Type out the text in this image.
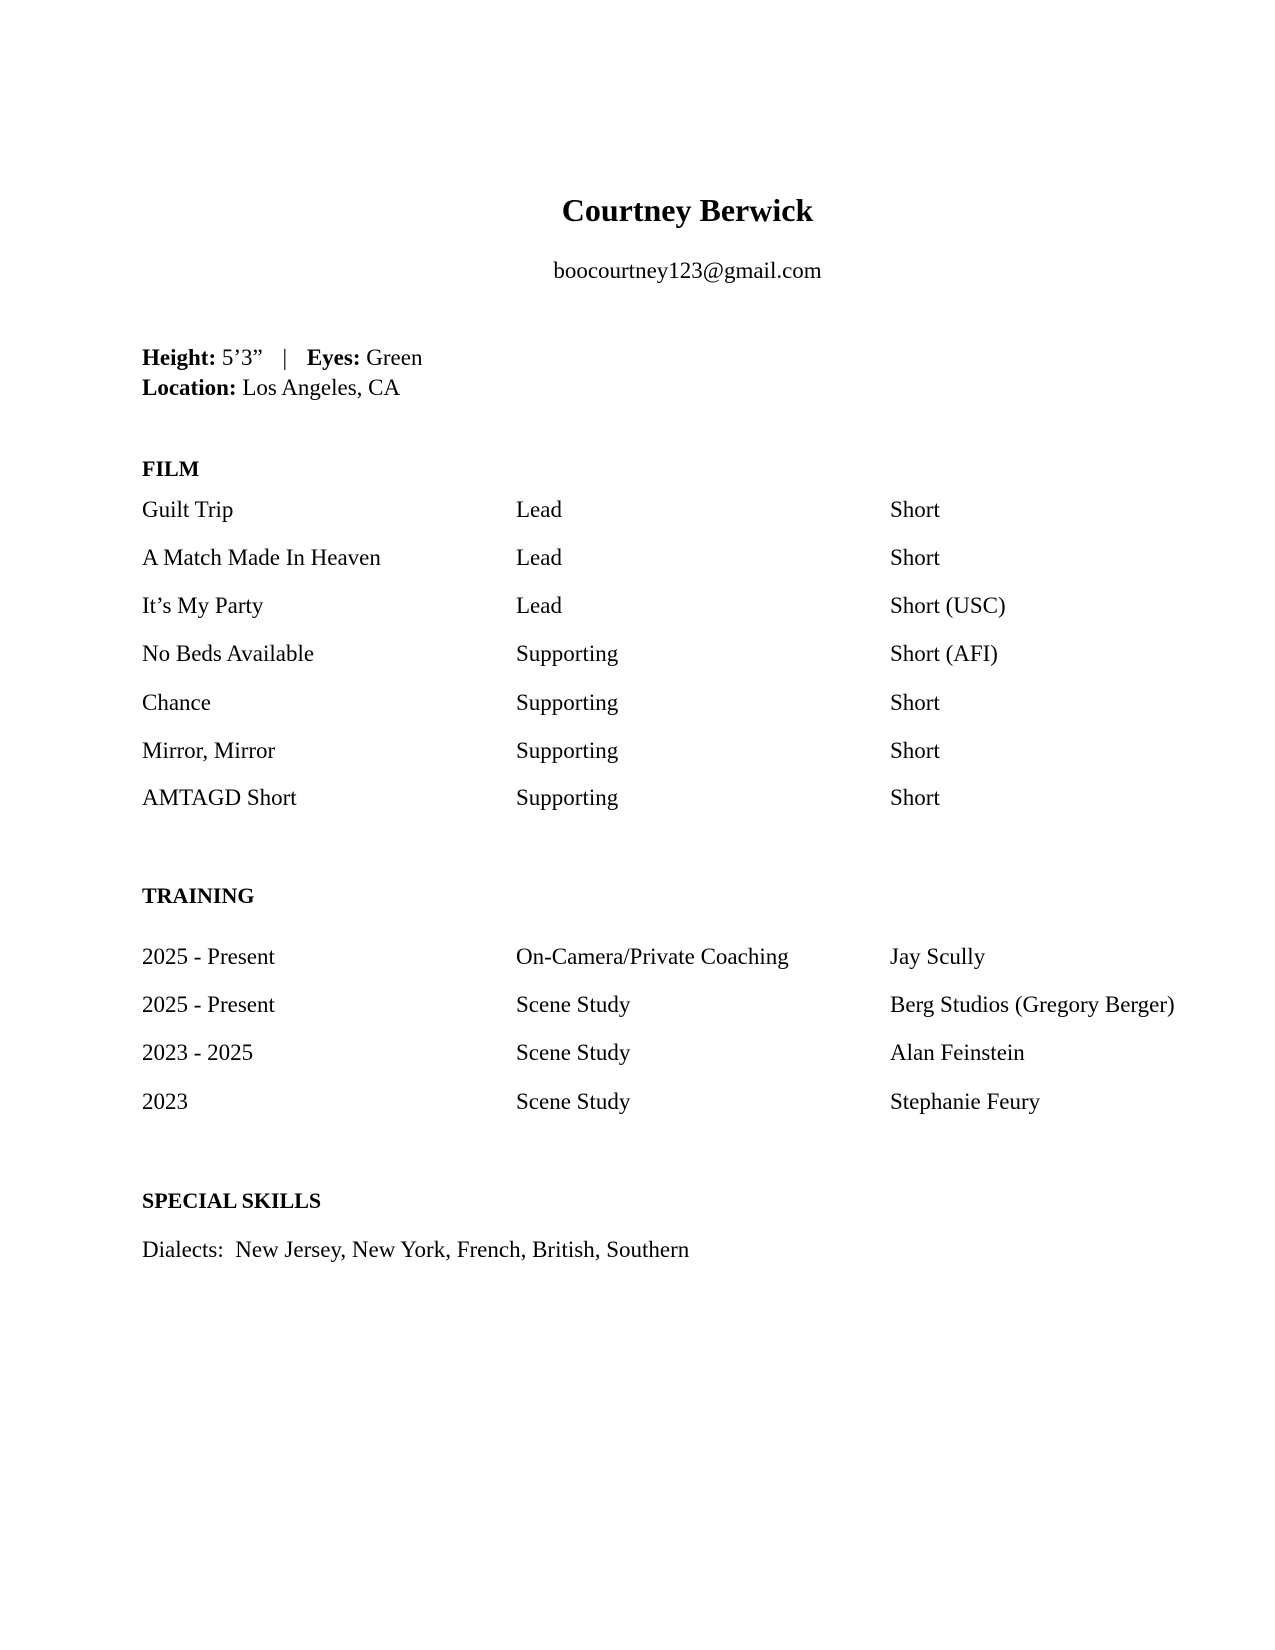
Courtney Berwick
boocourtney123@gmail.com
Height: 5’3” | Eyes: Green
Location: Los Angeles, CA
FILM
Guilt Trip	Lead	Short
A Match Made In Heaven	Lead	Short
It’s My Party	Lead	Short (USC)
No Beds Available	Supporting	Short (AFI)
Chance	Supporting	Short
Mirror, Mirror	Supporting	Short
AMTAGD Short	Supporting	Short
TRAINING
2025 - Present	On-Camera/Private Coaching	Jay Scully
2025 - Present	Scene Study	Berg Studios (Gregory Berger)
2023 - 2025	Scene Study	Alan Feinstein
2023	Scene Study	Stephanie Feury
SPECIAL SKILLS
Dialects:  New Jersey, New York, French, British, Southern
